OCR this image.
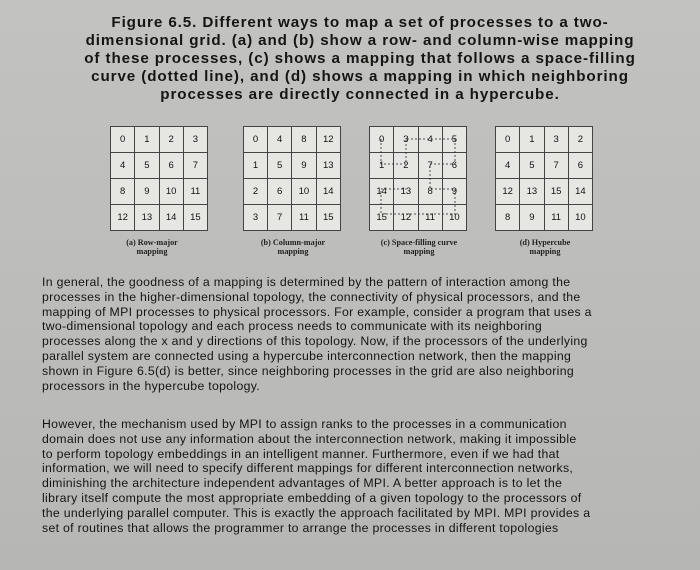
Figure 6.5. Different ways to map a set of processes to a two-
dimensional grid. (a) and (b) show a row- and column-wise mapping
of these processes, (c) shows a mapping that follows a space-filling
curve (dotted line), and (d) shows a mapping in which neighboring
processes are directly connected in a hypercube.
0	1	2	3
4	5	6	7
8	9	10	11
12	13	14	15
0	4	8	12
1	5	9	13
2	6	10	14
3	7	11	15
0	3	4	5
1	2	7	6
14	13	8	9
15	12	11	10
0	1	3	2
4	5	7	6
12	13	15	14
8	9	11	10
(a) Row-major
mapping
(b) Column-major
mapping
(c) Space-filling curve
mapping
(d) Hypercube
mapping
In general, the goodness of a mapping is determined by the pattern of interaction among the
processes in the higher-dimensional topology, the connectivity of physical processors, and the
mapping of MPI processes to physical processors. For example, consider a program that uses a
two-dimensional topology and each process needs to communicate with its neighboring
processes along the x and y directions of this topology. Now, if the processors of the underlying
parallel system are connected using a hypercube interconnection network, then the mapping
shown in Figure 6.5(d) is better, since neighboring processes in the grid are also neighboring
processors in the hypercube topology.
However, the mechanism used by MPI to assign ranks to the processes in a communication
domain does not use any information about the interconnection network, making it impossible
to perform topology embeddings in an intelligent manner. Furthermore, even if we had that
information, we will need to specify different mappings for different interconnection networks,
diminishing the architecture independent advantages of MPI. A better approach is to let the
library itself compute the most appropriate embedding of a given topology to the processors of
the underlying parallel computer. This is exactly the approach facilitated by MPI. MPI provides a
set of routines that allows the programmer to arrange the processes in different topologies
